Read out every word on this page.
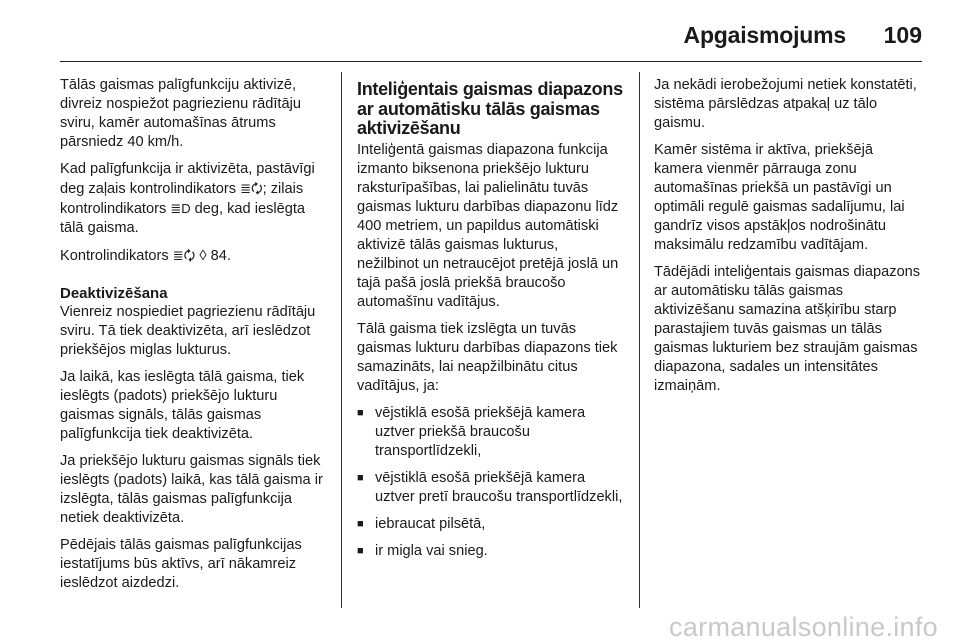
Apgaismojums 109

Tālās gaismas palīgfunkciju aktivizē, divreiz nospiežot pagriezienu rādītāju sviru, kamēr automašīnas ātrums pārsniedz 40 km/h.

Kad palīgfunkcija ir aktivizēta, pastāvīgi deg zaļais kontrolindikators ≣🗘; zilais kontrolindikators ≣D deg, kad ieslēgta tālā gaisma.

Kontrolindikators ≣🗘 ◊ 84.

Deaktivizēšana

Vienreiz nospiediet pagriezienu rādītāju sviru. Tā tiek deaktivizēta, arī ieslēdzot priekšējos miglas lukturus.

Ja laikā, kas ieslēgta tālā gaisma, tiek ieslēgts (padots) priekšējo lukturu gaismas signāls, tālās gaismas palīgfunkcija tiek deaktivizēta.

Ja priekšējo lukturu gaismas signāls tiek ieslēgts (padots) laikā, kas tālā gaisma ir izslēgta, tālās gaismas palīgfunkcija netiek deaktivizēta.

Pēdējais tālās gaismas palīgfunkcijas iestatījums būs aktīvs, arī nākamreiz ieslēdzot aizdedzi.

Inteliģentais gaismas diapazons ar automātisku tālās gaismas aktivizēšanu

Inteliģentā gaismas diapazona funkcija izmanto biksenona priekšējo lukturu raksturīpašības, lai palielinātu tuvās gaismas lukturu darbības diapazonu līdz 400 metriem, un papildus automātiski aktivizē tālās gaismas lukturus, nežilbinot un netraucējot pretējā joslā un tajā pašā joslā priekšā braucošo automašīnu vadītājus.

Tālā gaisma tiek izslēgta un tuvās gaismas lukturu darbības diapazons tiek samazināts, lai neapžilbinātu citus vadītājus, ja:

■ vējstiklā esošā priekšējā kamera uztver priekšā braucošu transportlīdzekli,
■ vējstiklā esošā priekšējā kamera uztver pretī braucošu transportlīdzekli,
■ iebraucat pilsētā,
■ ir migla vai snieg.

Ja nekādi ierobežojumi netiek konstatēti, sistēma pārslēdzas atpakaļ uz tālo gaismu.

Kamēr sistēma ir aktīva, priekšējā kamera vienmēr pārrauga zonu automašīnas priekšā un pastāvīgi un optimāli regulē gaismas sadalījumu, lai gandrīz visos apstākļos nodrošinātu maksimālu redzamību vadītājam.

Tādējādi inteliģentais gaismas diapazons ar automātisku tālās gaismas aktivizēšanu samazina atšķirību starp parastajiem tuvās gaismas un tālās gaismas lukturiem bez straujām gaismas diapazona, sadales un intensitātes izmaiņām.

carmanualsonline.info
